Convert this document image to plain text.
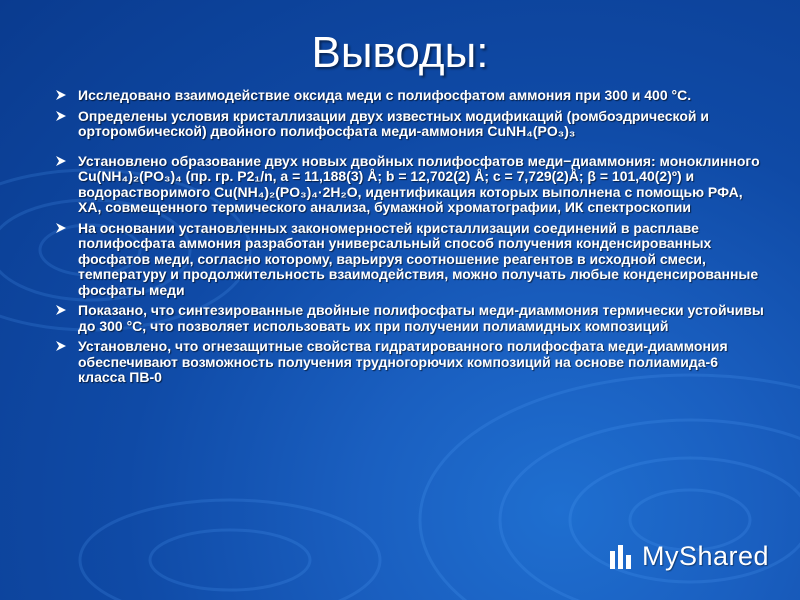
Выводы:
Исследовано взаимодействие оксида меди с полифосфатом аммония при 300 и 400 °С.
Определены условия кристаллизации двух известных модификаций (ромбоэдрической и орторомбической) двойного полифосфата меди-аммония CuNH₄(PO₃)₃
Установлено образование двух новых двойных полифосфатов меди−диаммония: моноклинного Cu(NH₄)₂(PO₃)₄ (пр. гр. P2₁/n, a = 11,188(3) Å; b = 12,702(2) Å; c = 7,729(2)Å; β = 101,40(2)º) и водорастворимого Cu(NH₄)₂(PO₃)₄·2H₂O, идентификация которых выполнена с помощью РФА, ХА, совмещенного термического анализа, бумажной хроматографии, ИК спектроскопии
На основании установленных закономерностей кристаллизации соединений в расплаве полифосфата аммония разработан универсальный способ получения конденсированных фосфатов меди, согласно которому, варьируя соотношение реагентов в исходной смеси, температуру и продолжительность взаимодействия, можно получать любые конденсированные фосфаты меди
Показано, что синтезированные двойные полифосфаты меди-диаммония термически устойчивы до 300 °С, что позволяет использовать их при получении полиамидных композиций
Установлено, что огнезащитные свойства гидратированного полифосфата меди-диаммония обеспечивают возможность получения трудногорючих композиций на основе полиамида-6 класса ПВ-0
MyShared
